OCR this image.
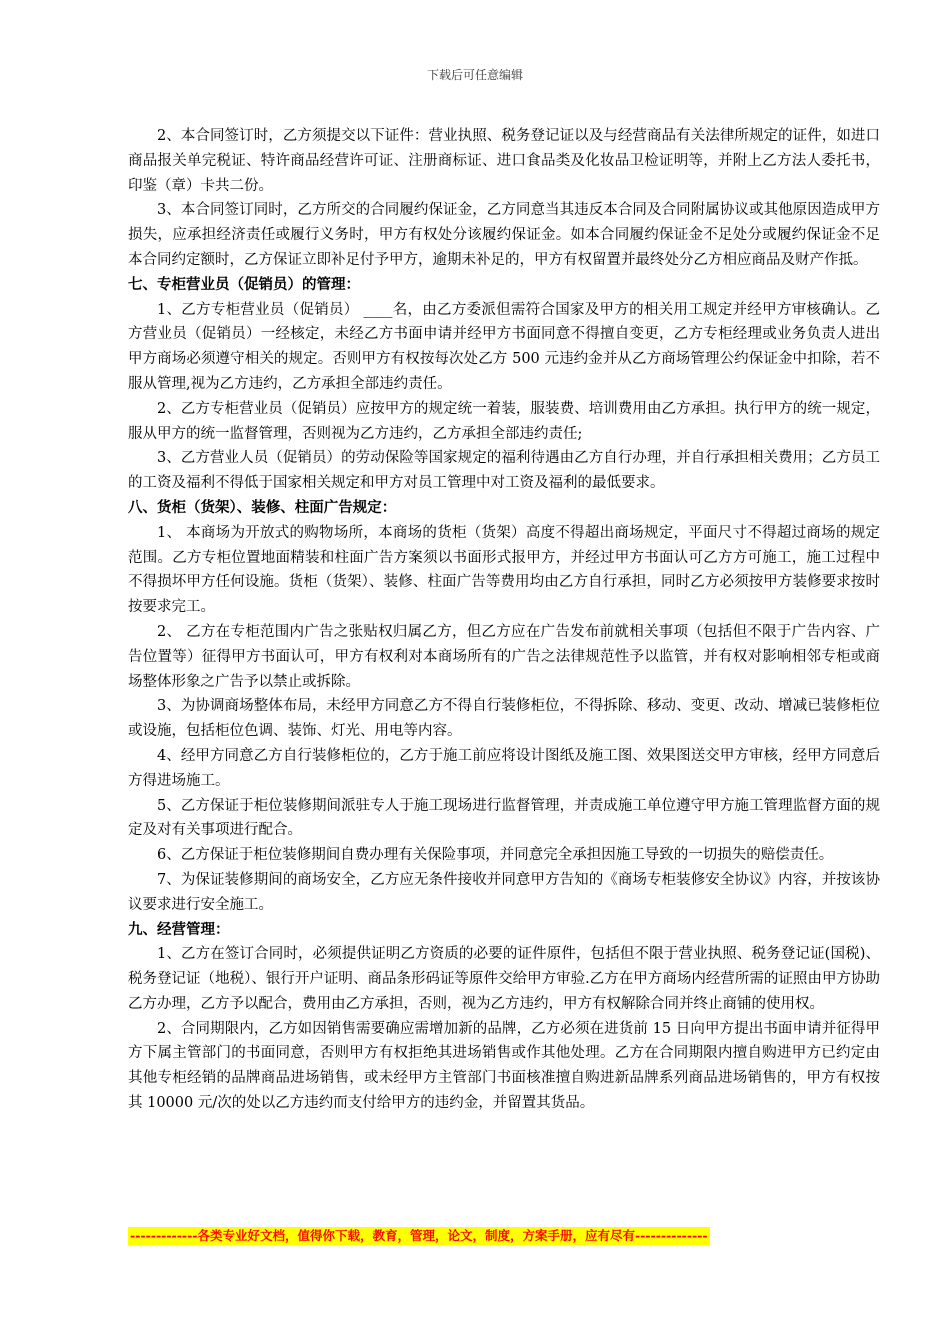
下载后可任意编辑

2、本合同签订时，乙方须提交以下证件：营业执照、税务登记证以及与经营商品有关法律所规定的证件，如进口商品报关单完税证、特许商品经营许可证、注册商标证、进口食品类及化妆品卫检证明等，并附上乙方法人委托书，印鉴（章）卡共二份。

3、本合同签订同时，乙方所交的合同履约保证金，乙方同意当其违反本合同及合同附属协议或其他原因造成甲方损失，应承担经济责任或履行义务时，甲方有权处分该履约保证金。如本合同履约保证金不足处分或履约保证金不足本合同约定额时，乙方保证立即补足付予甲方，逾期未补足的，甲方有权留置并最终处分乙方相应商品及财产作抵。

七、专柜营业员（促销员）的管理：

1、乙方专柜营业员（促销员） ____名，由乙方委派但需符合国家及甲方的相关用工规定并经甲方审核确认。乙方营业员（促销员）一经核定，未经乙方书面申请并经甲方书面同意不得擅自变更，乙方专柜经理或业务负责人进出甲方商场必须遵守相关的规定。否则甲方有权按每次处乙方 500 元违约金并从乙方商场管理公约保证金中扣除，若不服从管理,视为乙方违约，乙方承担全部违约责任。

2、乙方专柜营业员（促销员）应按甲方的规定统一着装，服装费、培训费用由乙方承担。执行甲方的统一规定，服从甲方的统一监督管理，否则视为乙方违约，乙方承担全部违约责任;

3、乙方营业人员（促销员）的劳动保险等国家规定的福利待遇由乙方自行办理，并自行承担相关费用；乙方员工的工资及福利不得低于国家相关规定和甲方对员工管理中对工资及福利的最低要求。

八、货柜（货架）、装修、柱面广告规定：

1、 本商场为开放式的购物场所，本商场的货柜（货架）高度不得超出商场规定，平面尺寸不得超过商场的规定范围。乙方专柜位置地面精装和柱面广告方案须以书面形式报甲方，并经过甲方书面认可乙方方可施工，施工过程中不得损坏甲方任何设施。货柜（货架）、装修、柱面广告等费用均由乙方自行承担，同时乙方必须按甲方装修要求按时按要求完工。

2、 乙方在专柜范围内广告之张贴权归属乙方，但乙方应在广告发布前就相关事项（包括但不限于广告内容、广告位置等）征得甲方书面认可，甲方有权利对本商场所有的广告之法律规范性予以监管，并有权对影响相邻专柜或商场整体形象之广告予以禁止或拆除。

3、为协调商场整体布局，未经甲方同意乙方不得自行装修柜位，不得拆除、移动、变更、改动、增减已装修柜位或设施，包括柜位色调、装饰、灯光、用电等内容。

4、经甲方同意乙方自行装修柜位的，乙方于施工前应将设计图纸及施工图、效果图送交甲方审核，经甲方同意后方得进场施工。

5、乙方保证于柜位装修期间派驻专人于施工现场进行监督管理，并责成施工单位遵守甲方施工管理监督方面的规定及对有关事项进行配合。

6、乙方保证于柜位装修期间自费办理有关保险事项，并同意完全承担因施工导致的一切损失的赔偿责任。

7、为保证装修期间的商场安全，乙方应无条件接收并同意甲方告知的《商场专柜装修安全协议》内容，并按该协议要求进行安全施工。

九、经营管理：

1、乙方在签订合同时，必须提供证明乙方资质的必要的证件原件，包括但不限于营业执照、税务登记证(国税)、税务登记证（地税）、银行开户证明、商品条形码证等原件交给甲方审验.乙方在甲方商场内经营所需的证照由甲方协助乙方办理，乙方予以配合，费用由乙方承担，否则，视为乙方违约，甲方有权解除合同并终止商铺的使用权。

2、合同期限内，乙方如因销售需要确应需增加新的品牌，乙方必须在进货前 15 日向甲方提出书面申请并征得甲方下属主管部门的书面同意，否则甲方有权拒绝其进场销售或作其他处理。乙方在合同期限内擅自购进甲方已约定由其他专柜经销的品牌商品进场销售，或未经甲方主管部门书面核准擅自购进新品牌系列商品进场销售的，甲方有权按其 10000 元/次的处以乙方违约而支付给甲方的违约金，并留置其货品。

-------------各类专业好文档，值得你下载，教育，管理，论文，制度，方案手册，应有尽有--------------
